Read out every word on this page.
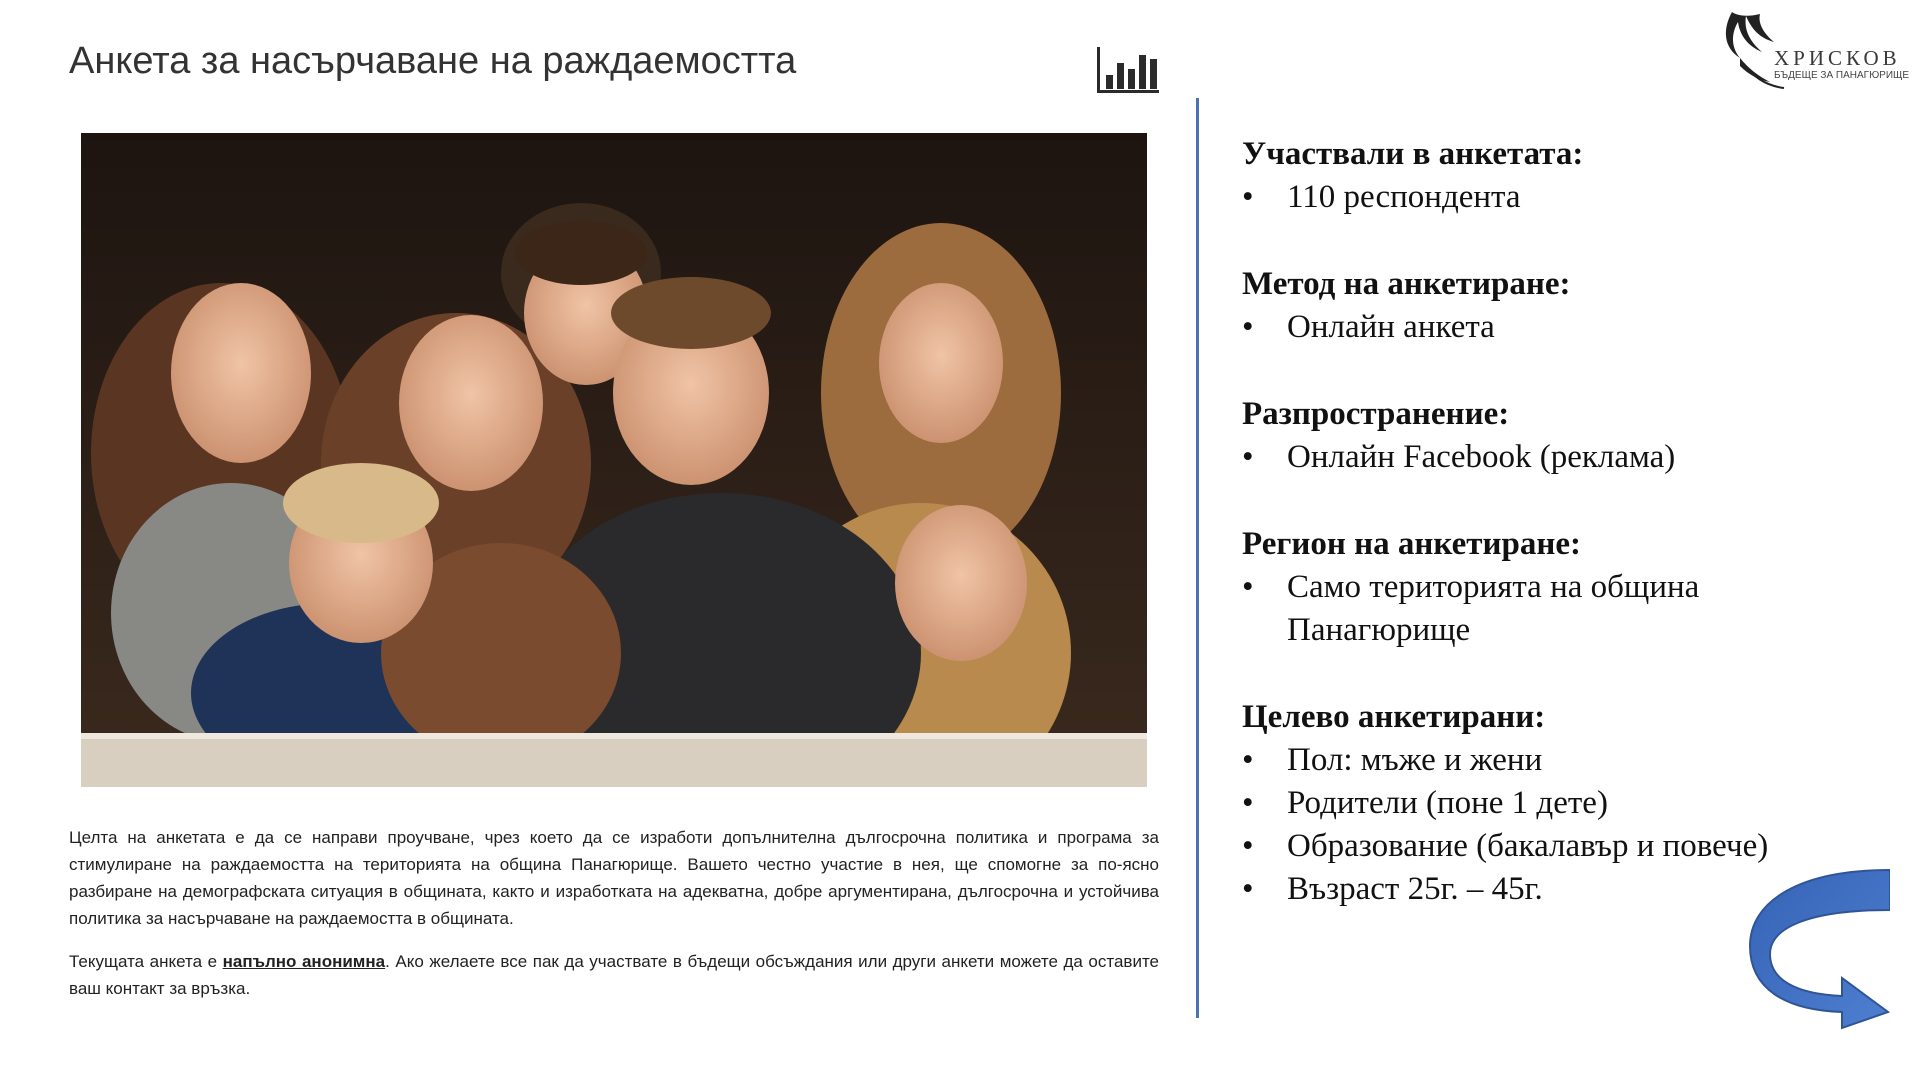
Анкета за насърчаване на раждаемостта	ХРИСКОВ
БЪДЕЩЕ ЗА ПАНАГЮРИЩЕ

Целта на анкетата е да се направи проучване, чрез което да се изработи допълнителна дългосрочна политика и програма за стимулиране на раждаемостта на територията на община Панагюрище. Вашето честно участие в нея, ще спомогне за по-ясно разбиране на демографската ситуация в общината, както и изработката на адекватна, добре аргументирана, дългосрочна и устойчива политика за насърчаване на раждаемостта в общината.

Текущата анкета е напълно анонимна. Ако желаете все пак да участвате в бъдещи обсъждания или други анкети можете да оставите ваш контакт за връзка.

Участвали в анкетата:
• 110 респондента
Метод на анкетиране:
• Онлайн анкета
Разпространение:
• Онлайн Facebook (реклама)
Регион на анкетиране:
• Само територията на община Панагюрище
Целево анкетирани:
• Пол: мъже и жени
• Родители (поне 1 дете)
• Образование (бакалавър и повече)
• Възраст 25г. – 45г.
